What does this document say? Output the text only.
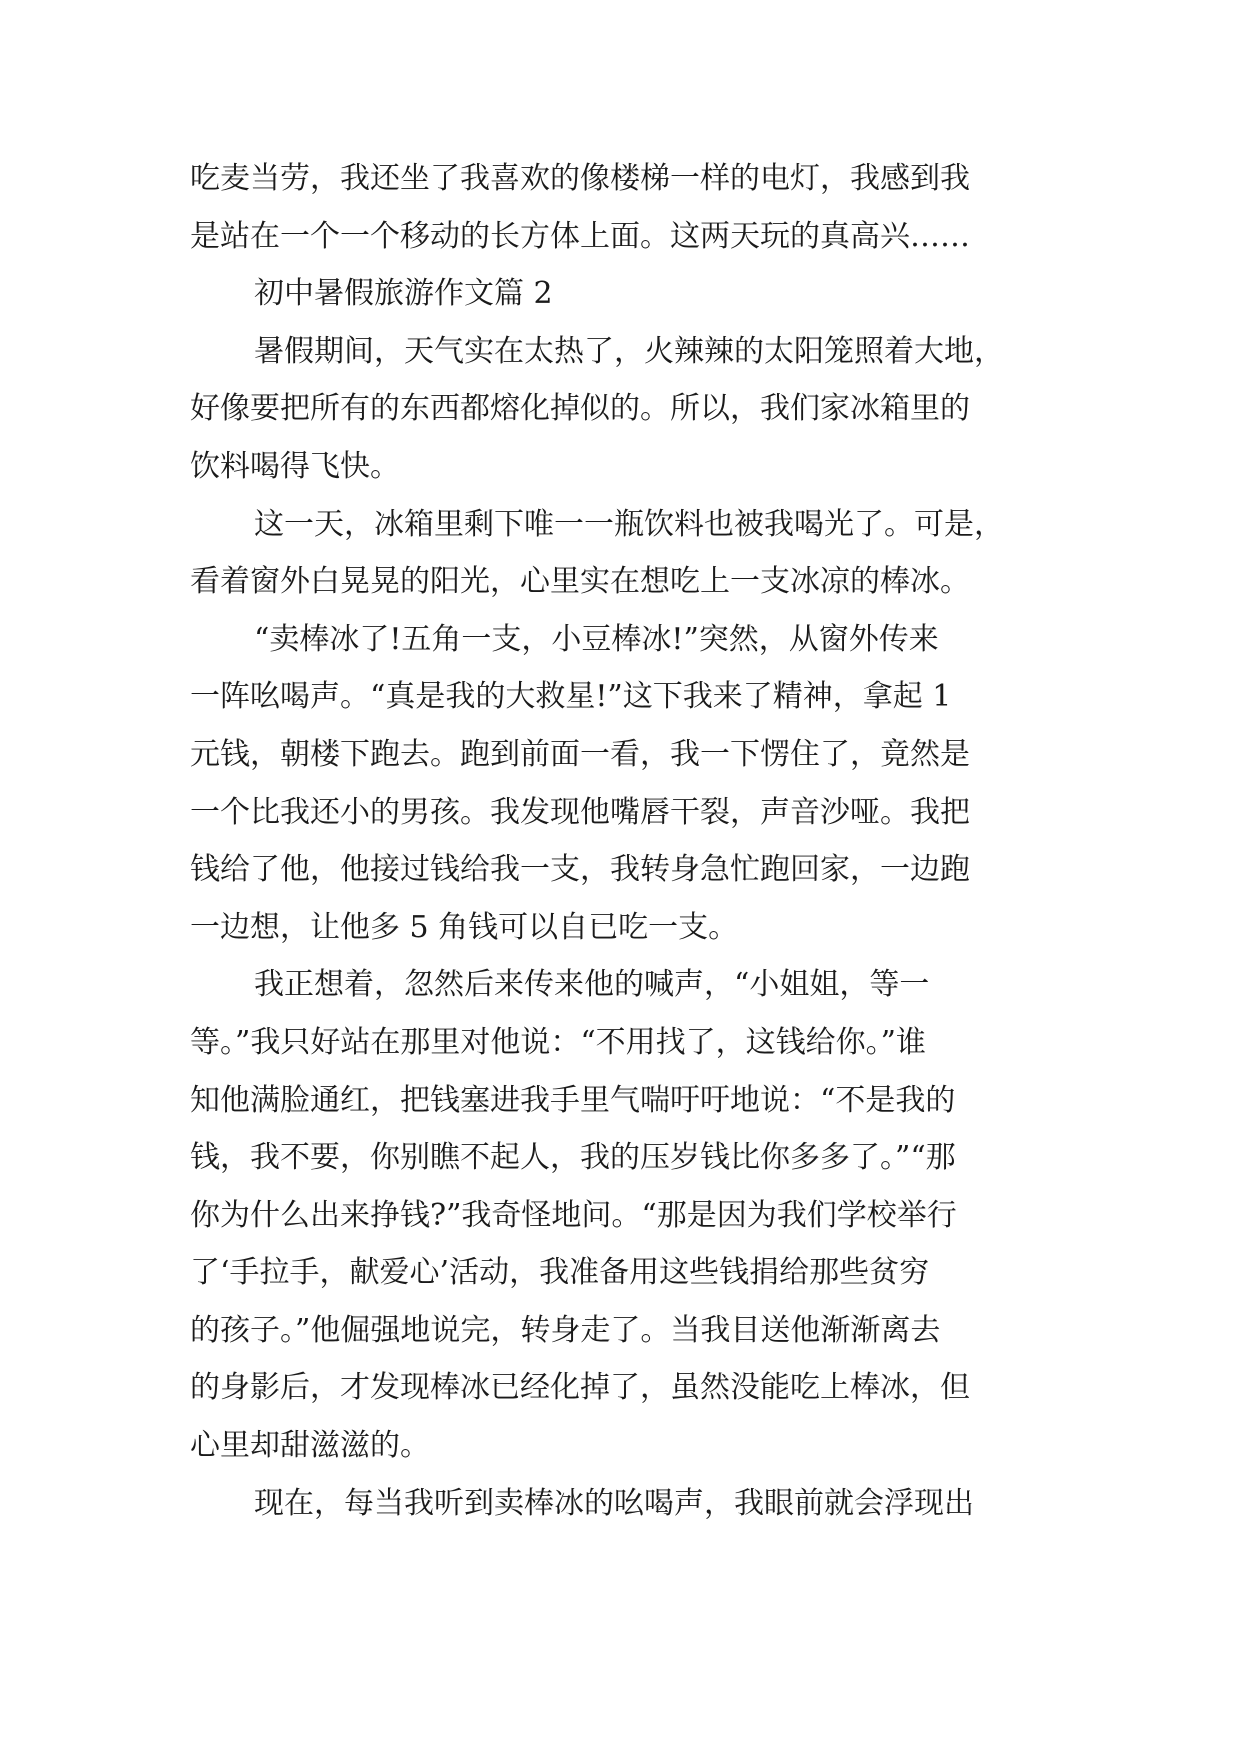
吃麦当劳，我还坐了我喜欢的像楼梯一样的电灯，我感到我
是站在一个一个移动的长方体上面。这两天玩的真高兴……
初中暑假旅游作文篇 2
暑假期间，天气实在太热了，火辣辣的太阳笼照着大地，
好像要把所有的东西都熔化掉似的。所以，我们家冰箱里的
饮料喝得飞快。
这一天，冰箱里剩下唯一一瓶饮料也被我喝光了。可是，
看着窗外白晃晃的阳光，心里实在想吃上一支冰凉的棒冰。
“卖棒冰了!五角一支，小豆棒冰!”突然，从窗外传来
一阵吆喝声。“真是我的大救星!”这下我来了精神，拿起 1
元钱，朝楼下跑去。跑到前面一看，我一下愣住了，竟然是
一个比我还小的男孩。我发现他嘴唇干裂，声音沙哑。我把
钱给了他，他接过钱给我一支，我转身急忙跑回家，一边跑
一边想，让他多 5 角钱可以自已吃一支。
我正想着，忽然后来传来他的喊声，“小姐姐，等一
等。”我只好站在那里对他说：“不用找了，这钱给你。”谁
知他满脸通红，把钱塞进我手里气喘吁吁地说：“不是我的
钱，我不要，你别瞧不起人，我的压岁钱比你多多了。”“那
你为什么出来挣钱?”我奇怪地问。“那是因为我们学校举行
了‘手拉手，献爱心’活动，我准备用这些钱捐给那些贫穷
的孩子。”他倔强地说完，转身走了。当我目送他渐渐离去
的身影后，才发现棒冰已经化掉了，虽然没能吃上棒冰，但
心里却甜滋滋的。
现在，每当我听到卖棒冰的吆喝声，我眼前就会浮现出
